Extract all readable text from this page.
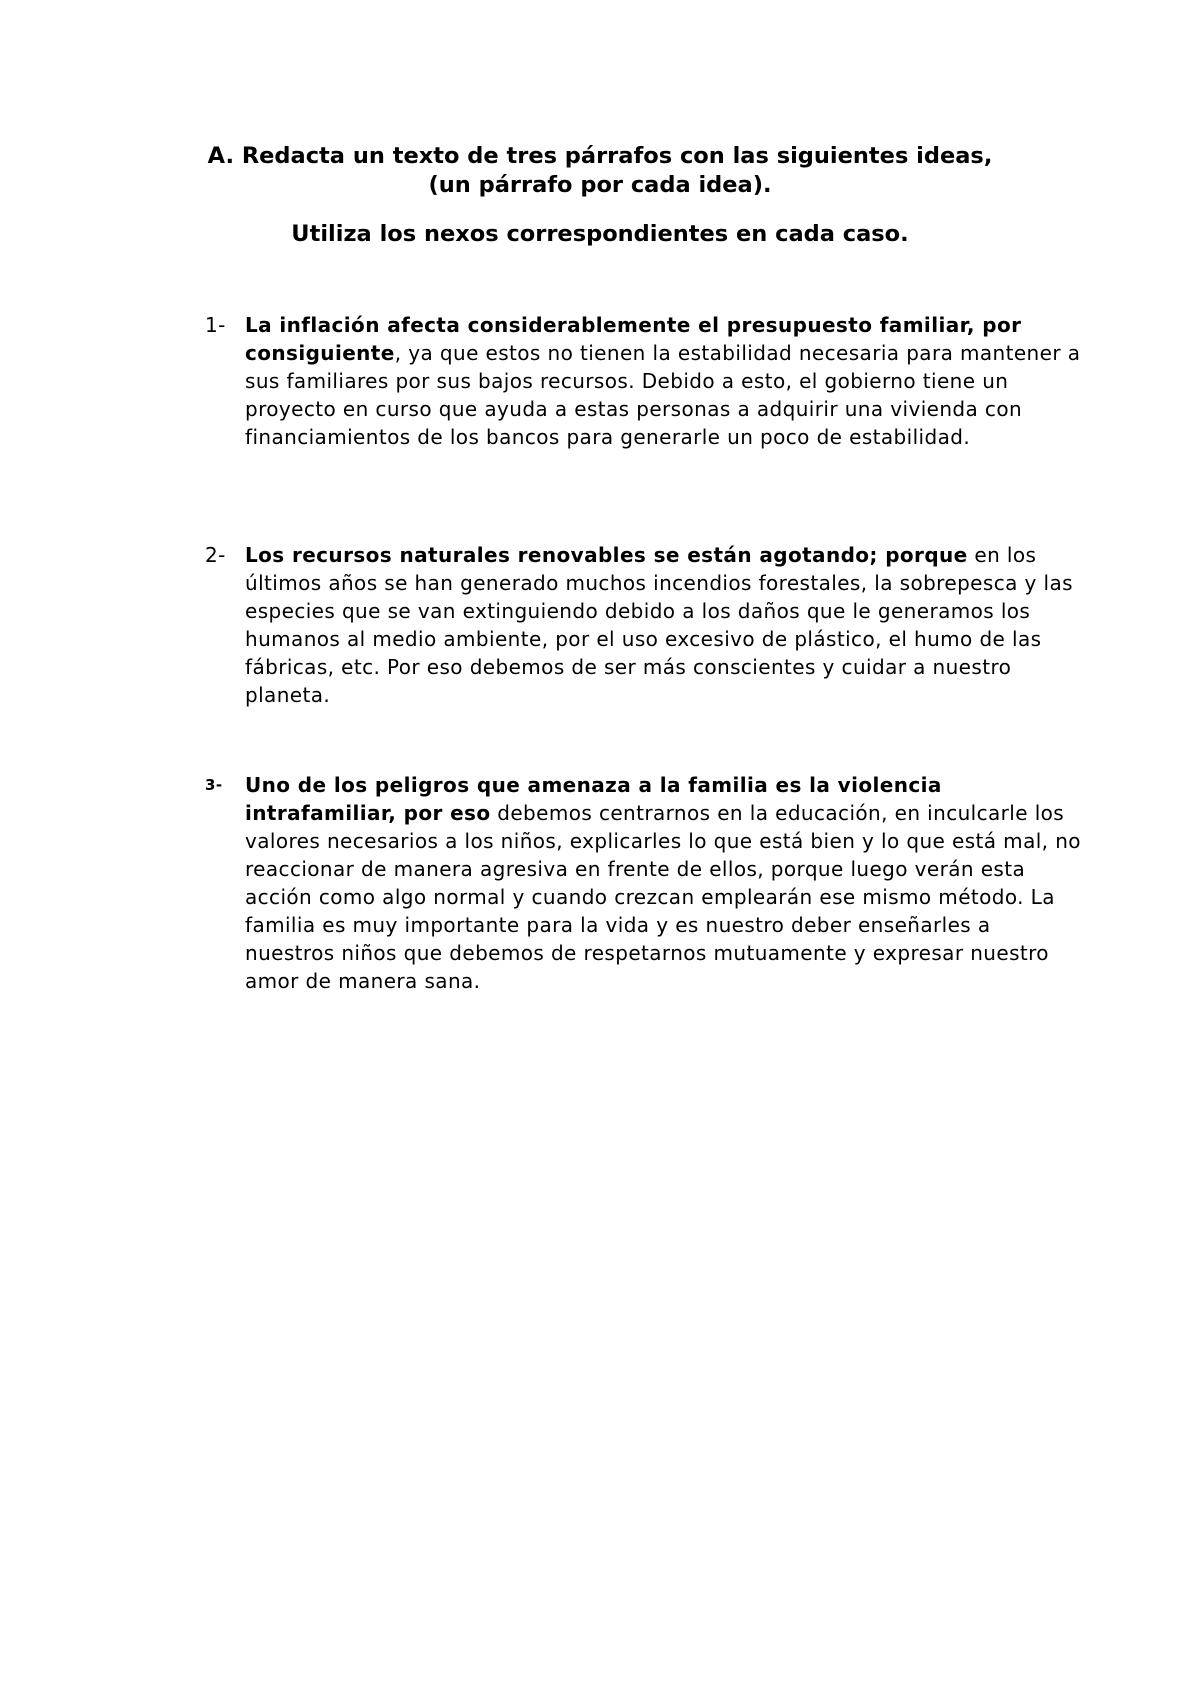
A. Redacta un texto de tres párrafos con las siguientes ideas,
(un párrafo por cada idea).
Utiliza los nexos correspondientes en cada caso.
1- La inflación afecta considerablemente el presupuesto familiar, por consiguiente, ya que estos no tienen la estabilidad necesaria para mantener a sus familiares por sus bajos recursos. Debido a esto, el gobierno tiene un proyecto en curso que ayuda a estas personas a adquirir una vivienda con financiamientos de los bancos para generarle un poco de estabilidad.
2- Los recursos naturales renovables se están agotando; porque en los últimos años se han generado muchos incendios forestales, la sobrepesca y las especies que se van extinguiendo debido a los daños que le generamos los humanos al medio ambiente, por el uso excesivo de plástico, el humo de las fábricas, etc. Por eso debemos de ser más conscientes y cuidar a nuestro planeta.
3-	Uno de los peligros que amenaza a la familia es la violencia intrafamiliar, por eso debemos centrarnos en la educación, en inculcarle los valores necesarios a los niños, explicarles lo que está bien y lo que está mal, no reaccionar de manera agresiva en frente de ellos, porque luego verán esta acción como algo normal y cuando crezcan emplearán ese mismo método. La familia es muy importante para la vida y es nuestro deber enseñarles a nuestros niños que debemos de respetarnos mutuamente y expresar nuestro amor de manera sana.
